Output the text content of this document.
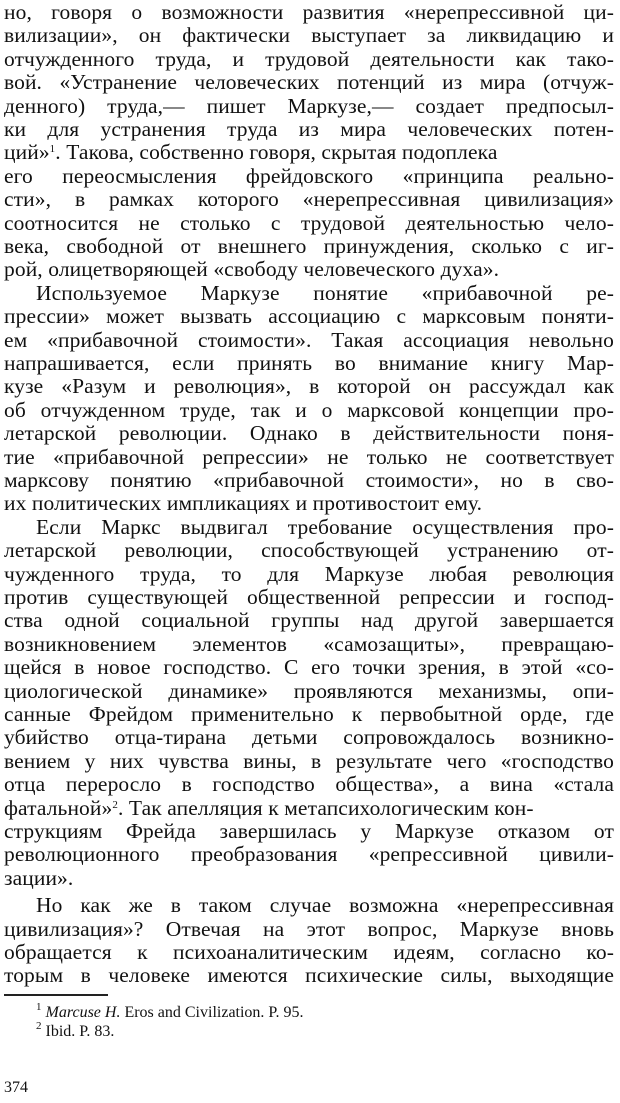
но, говоря о возможности развития «нерепрессивной ци-
вилизации», он фактически выступает за ликвидацию и
отчужденного труда, и трудовой деятельности как тако-
вой. «Устранение человеческих потенций из мира (отчуж-
денного) труда,— пишет Маркузе,— создает предпосыл-
ки для устранения труда из мира человеческих потен-
ций»$^1$. Такова, собственно говоря, скрытая подоплека
его переосмысления фрейдовского «принципа реально-
сти», в рамках которого «нерепрессивная цивилизация»
соотносится не столько с трудовой деятельностью чело-
века, свободной от внешнего принуждения, сколько с иг-
рой, олицетворяющей «свободу человеческого духа».
Используемое Маркузе понятие «прибавочной ре-
прессии» может вызвать ассоциацию с марксовым поняти-
ем «прибавочной стоимости». Такая ассоциация невольно
напрашивается, если принять во внимание книгу Мар-
кузе «Разум и революция», в которой он рассуждал как
об отчужденном труде, так и о марксовой концепции про-
летарской революции. Однако в действительности поня-
тие «прибавочной репрессии» не только не соответствует
марксову понятию «прибавочной стоимости», но в сво-
их политических импликациях и противостоит ему.
Если Маркс выдвигал требование осуществления про-
летарской революции, способствующей устранению от-
чужденного труда, то для Маркузе любая революция
против существующей общественной репрессии и господ-
ства одной социальной группы над другой завершается
возникновением элементов «самозащиты», превращаю-
щейся в новое господство. С его точки зрения, в этой «со-
циологической динамике» проявляются механизмы, опи-
санные Фрейдом применительно к первобытной орде, где
убийство отца-тирана детьми сопровождалось возникно-
вением у них чувства вины, в результате чего «господство
отца переросло в господство общества», а вина «стала
фатальной»$^2$. Так апелляция к метапсихологическим кон-
струкциям Фрейда завершилась у Маркузе отказом от
революционного преобразования «репрессивной цивили-
зации».
Но как же в таком случае возможна «нерепрессивная
цивилизация»? Отвечая на этот вопрос, Маркузе вновь
обращается к психоаналитическим идеям, согласно ко-
торым в человеке имеются психические силы, выходящие
$^1$ Marcuse H. Eros and Civilization. P. 95.
$^2$ Ibid. P. 83.
374
